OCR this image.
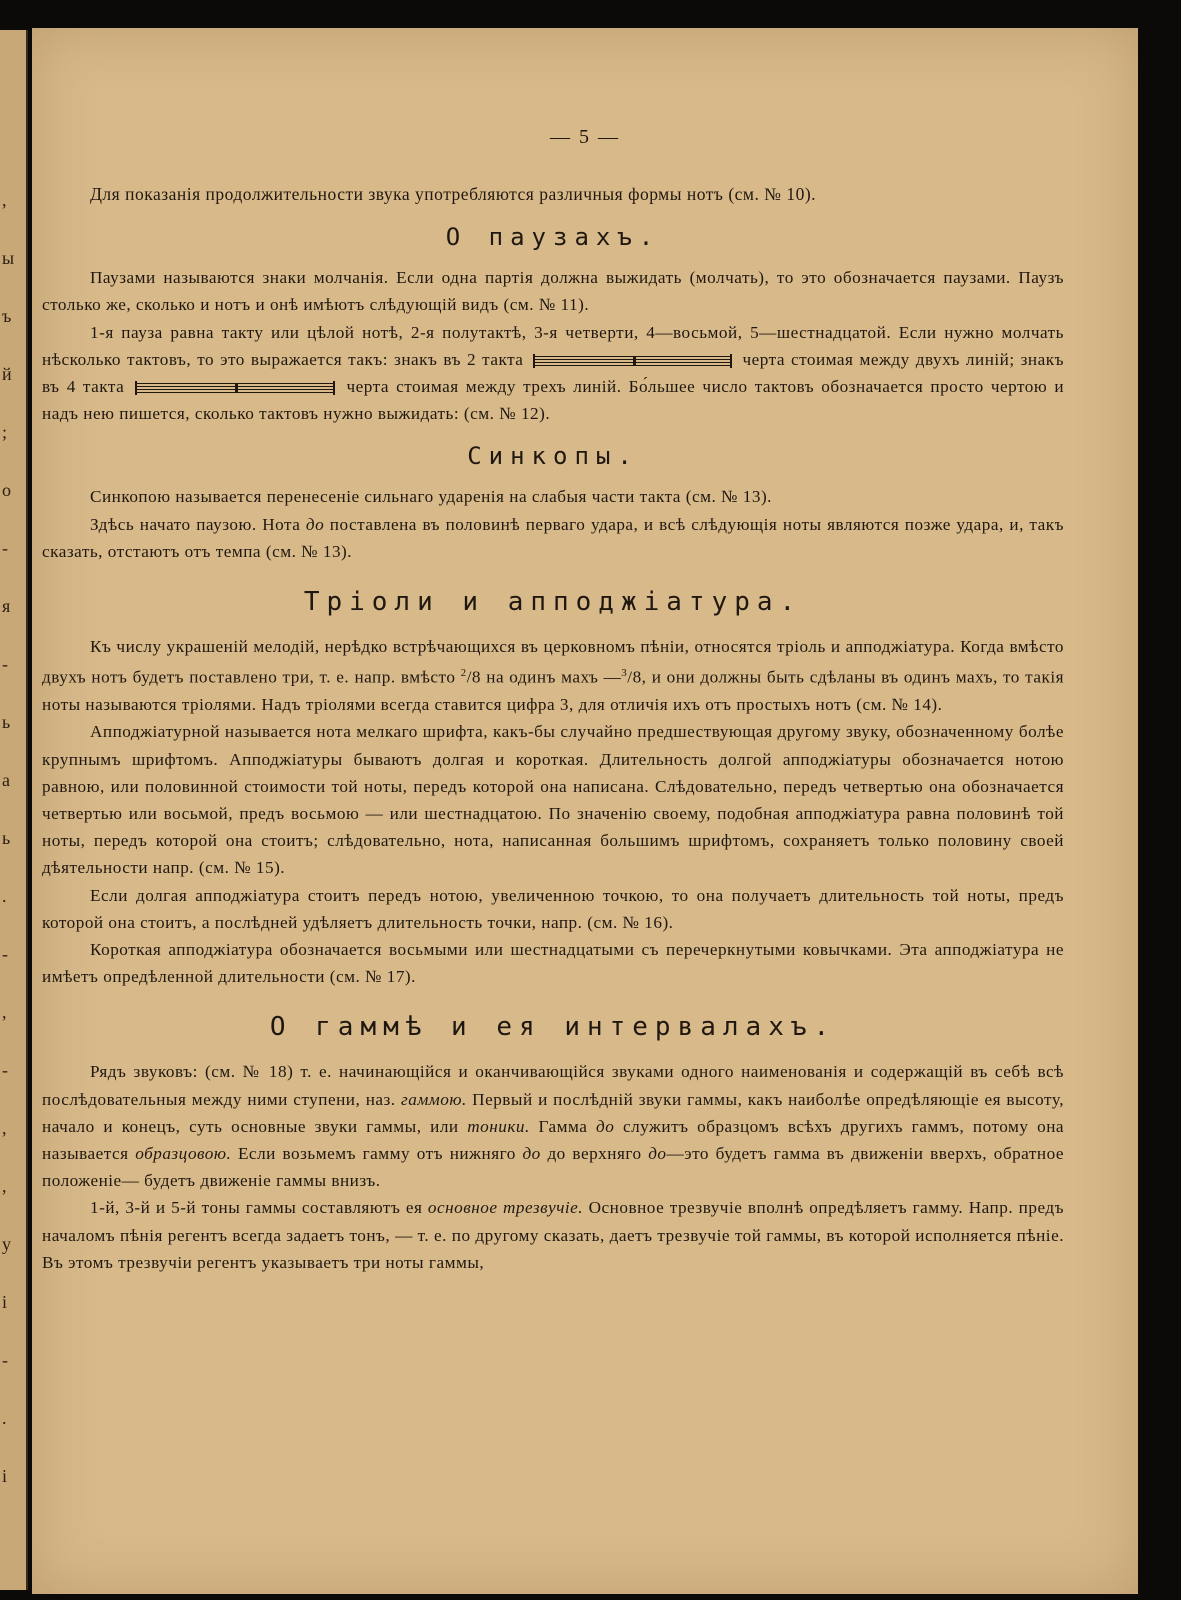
,
ы
ъ
й
;
о
-
я
-
ь
а
ь
.
-
,
-
,
,
у
і
-
.
і
— 5 —

Для показанія продолжительности звука употребляются различныя формы нотъ (см. № 10).

О паузахъ.

Паузами называются знаки молчанія. Если одна партія должна выжидать (молчать), то это обозначается паузами. Паузъ столько же, сколько и нотъ и онѣ имѣютъ слѣдующій видъ (см. № 11).

1-я пауза равна такту или цѣлой нотѣ, 2-я полутактѣ, 3-я четверти, 4—восьмой, 5—шестнадцатой. Если нужно молчать нѣсколько тактовъ, то это выражается такъ: знакъ въ 2 такта	черта стоимая между двухъ линій; знакъ въ 4 такта	черта стоимая между трехъ линій. Бо́льшее число тактовъ обозначается просто чертою и надъ нею пишется, сколько тактовъ нужно выжидать: (см. № 12).

Синкопы.

Синкопою называется перенесеніе сильнаго ударенія на слабыя части такта (см. № 13).

Здѣсь начато паузою. Нота до поставлена въ половинѣ перваго удара, и всѣ слѣдующія ноты являются позже удара, и, такъ сказать, отстаютъ отъ темпа (см. № 13).

Тріоли и апподжіатура.

Къ числу украшеній мелодій, нерѣдко встрѣчающихся въ церковномъ пѣніи, относятся тріоль и апподжіатура. Когда вмѣсто двухъ нотъ будетъ поставлено три, т. е. напр. вмѣсто $^2$/8 на одинъ махъ —$^3$/8, и они должны быть сдѣланы въ одинъ махъ, то такія ноты называются тріолями. Надъ тріолями всегда ставится цифра 3, для отличія ихъ отъ простыхъ нотъ (см. № 14).

Апподжіатурной называется нота мелкаго шрифта, какъ-бы случайно предшествующая другому звуку, обозначенному болѣе крупнымъ шрифтомъ. Апподжіатуры бываютъ долгая и короткая. Длительность долгой апподжіатуры обозначается нотою равною, или половинной стоимости той ноты, передъ которой она написана. Слѣдовательно, передъ четвертью она обозначается четвертью или восьмой, предъ восьмою — или шестнадцатою. По значенію своему, подобная апподжіатура равна половинѣ той ноты, передъ которой она стоитъ; слѣдовательно, нота, написанная большимъ шрифтомъ, сохраняетъ только половину своей дѣятельности напр. (см. № 15).

Если долгая апподжіатура стоитъ передъ нотою, увеличенною точкою, то она получаетъ длительность той ноты, предъ которой она стоитъ, а послѣдней удѣляетъ длительность точки, напр. (см. № 16).

Короткая апподжіатура обозначается восьмыми или шестнадцатыми съ перечеркнутыми ковычками. Эта апподжіатура не имѣетъ опредѣленной длительности (см. № 17).

О гаммѣ и ея интервалахъ.

Рядъ звуковъ: (см. № 18) т. е. начинающійся и оканчивающійся звуками одного наименованія и содержащій въ себѣ всѣ послѣдовательныя между ними ступени, наз. гаммою. Первый и послѣдній звуки гаммы, какъ наиболѣе опредѣляющіе ея высоту, начало и конецъ, суть основные звуки гаммы, или тоники. Гамма до служитъ образцомъ всѣхъ другихъ гаммъ, потому она называется образцовою. Если возьмемъ гамму отъ нижняго до до верхняго до—это будетъ гамма въ движеніи вверхъ, обратное положеніе— будетъ движеніе гаммы внизъ.

1-й, 3-й и 5-й тоны гаммы составляютъ ея основное трезвучіе. Основное трезвучіе вполнѣ опредѣляетъ гамму. Напр. предъ началомъ пѣнія регентъ всегда задаетъ тонъ, — т. е. по другому сказать, даетъ трезвучіе той гаммы, въ которой исполняется пѣніе. Въ этомъ трезвучіи регентъ указываетъ три ноты гаммы,
